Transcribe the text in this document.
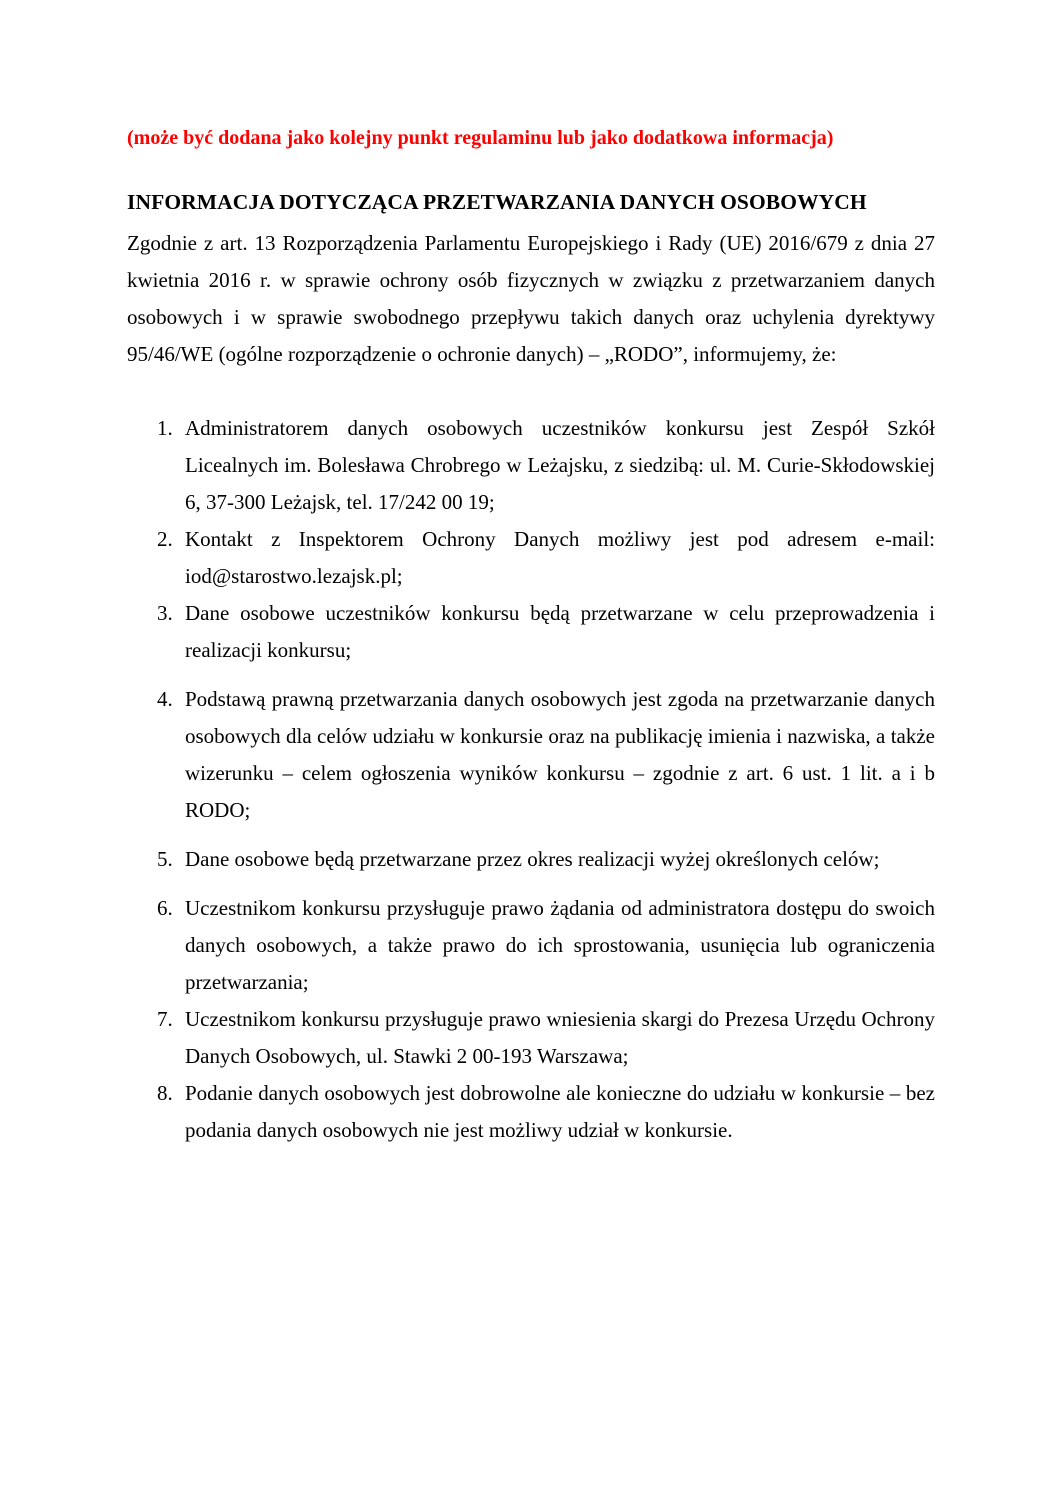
(może być dodana jako kolejny punkt regulaminu lub jako dodatkowa informacja)

INFORMACJA DOTYCZĄCA PRZETWARZANIA DANYCH OSOBOWYCH

Zgodnie z art. 13 Rozporządzenia Parlamentu Europejskiego i Rady (UE) 2016/679 z dnia 27 kwietnia 2016 r. w sprawie ochrony osób fizycznych w związku z przetwarzaniem danych osobowych i w sprawie swobodnego przepływu takich danych oraz uchylenia dyrektywy 95/46/WE (ogólne rozporządzenie o ochronie danych) – „RODO”, informujemy, że:

1. Administratorem danych osobowych uczestników konkursu jest Zespół Szkół Licealnych im. Bolesława Chrobrego w Leżajsku, z siedzibą: ul. M. Curie-Skłodowskiej 6, 37-300 Leżajsk, tel. 17/242 00 19;
2. Kontakt z Inspektorem Ochrony Danych możliwy jest pod adresem e-mail: iod@starostwo.lezajsk.pl;
3. Dane osobowe uczestników konkursu będą przetwarzane w celu przeprowadzenia i realizacji konkursu;
4. Podstawą prawną przetwarzania danych osobowych jest zgoda na przetwarzanie danych osobowych dla celów udziału w konkursie oraz na publikację imienia i nazwiska, a także wizerunku – celem ogłoszenia wyników konkursu – zgodnie z art. 6 ust. 1 lit. a i b RODO;
5. Dane osobowe będą przetwarzane przez okres realizacji wyżej określonych celów;
6. Uczestnikom konkursu przysługuje prawo żądania od administratora dostępu do swoich danych osobowych, a także prawo do ich sprostowania, usunięcia lub ograniczenia przetwarzania;
7. Uczestnikom konkursu przysługuje prawo wniesienia skargi do Prezesa Urzędu Ochrony Danych Osobowych, ul. Stawki 2 00-193 Warszawa;
8. Podanie danych osobowych jest dobrowolne ale konieczne do udziału w konkursie – bez podania danych osobowych nie jest możliwy udział w konkursie.
